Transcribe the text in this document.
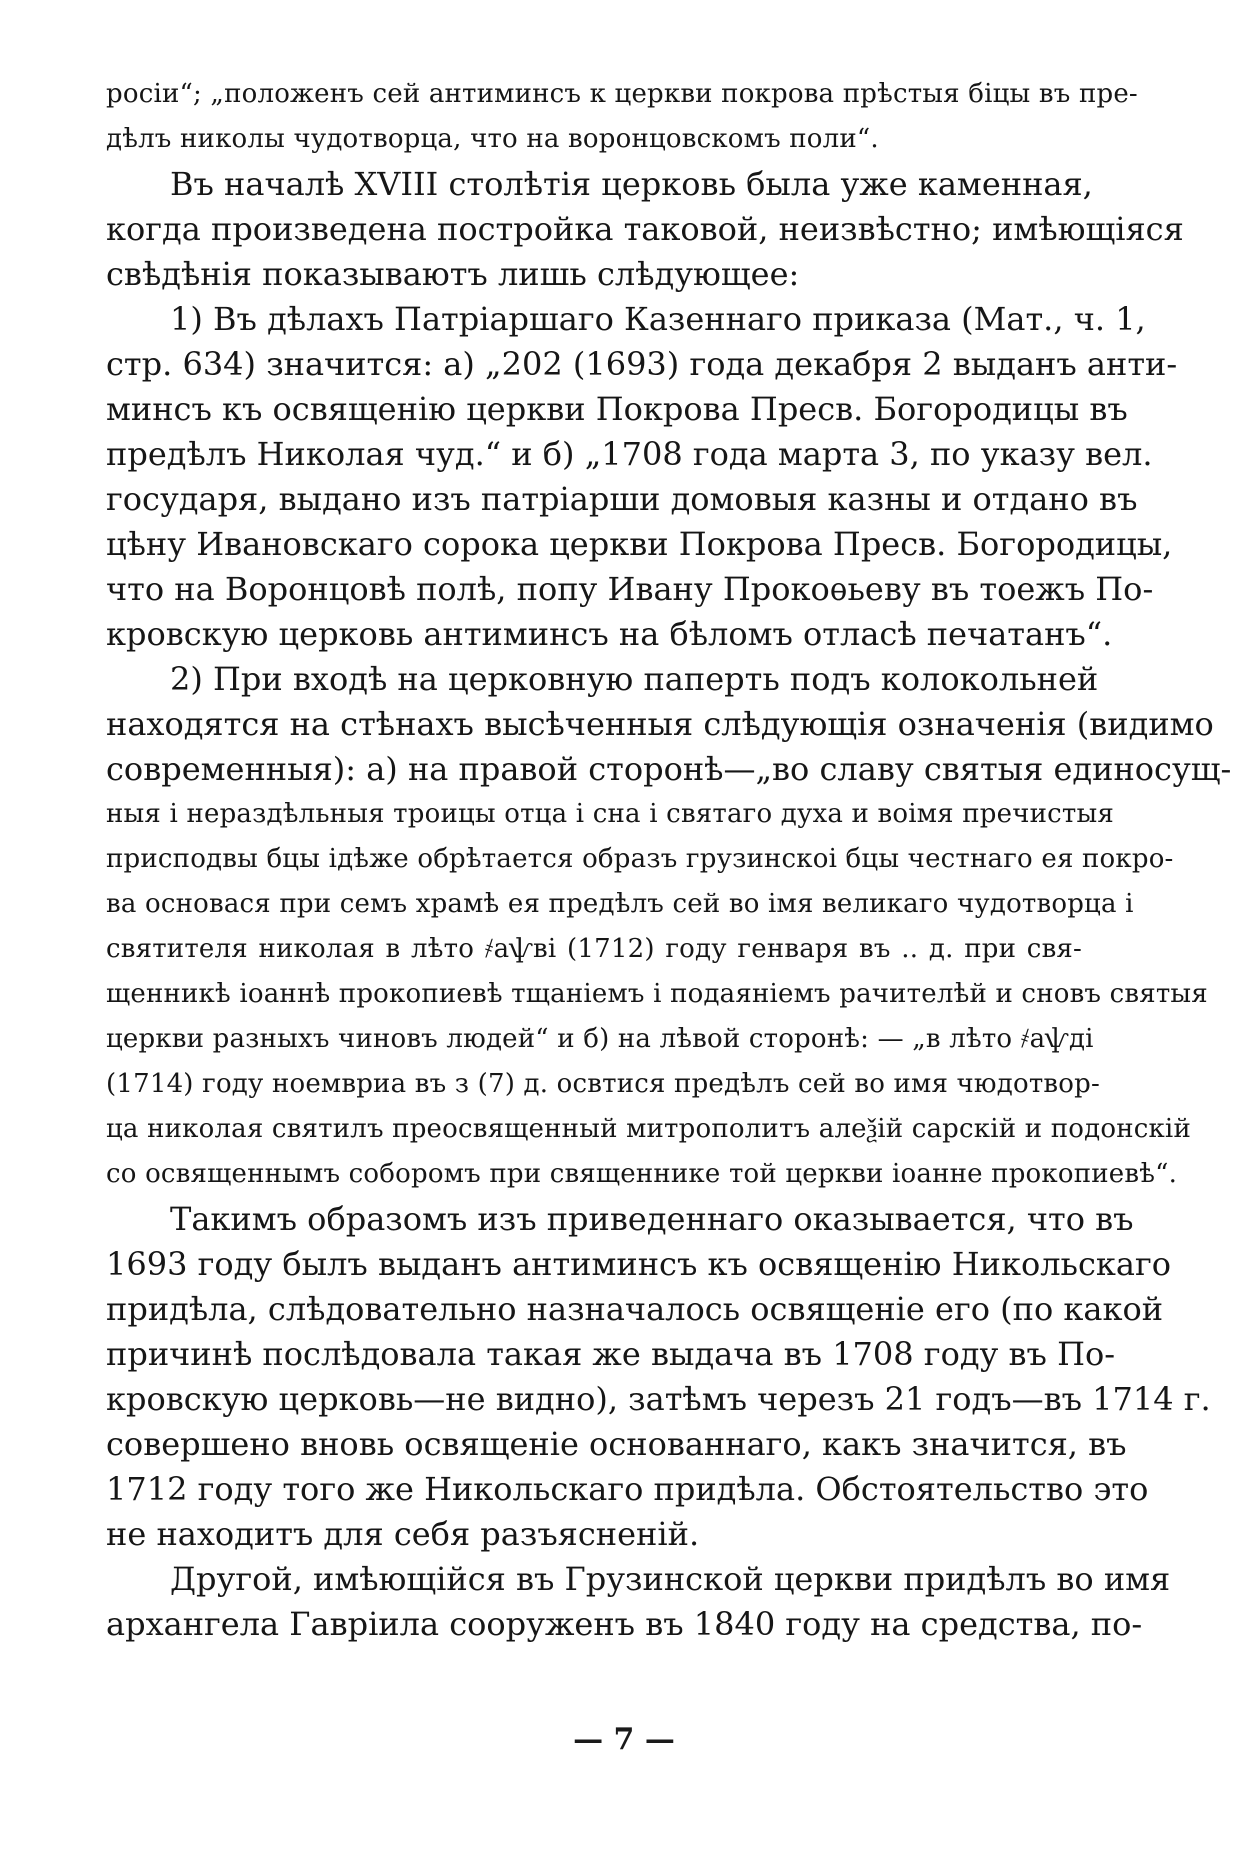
росіи“; „положенъ сей антиминсъ к церкви покрова прѣстыя біцы въ пре-
дѣлъ николы чудотворца, что на воронцовскомъ поли“.
Въ началѣ XVIII столѣтія церковь была уже каменная,
когда произведена постройка таковой, неизвѣстно; имѣющіяся
свѣдѣнія показываютъ лишь слѣдующее:
1) Въ дѣлахъ Патріаршаго Казеннаго приказа (Мат., ч. 1,
стр. 634) значится: а) „202 (1693) года декабря 2 выданъ анти-
минсъ къ освященію церкви Покрова Пресв. Богородицы въ
предѣлъ Николая чуд.“ и б) „1708 года марта 3, по указу вел.
государя, выдано изъ патріарши домовыя казны и отдано въ
цѣну Ивановскаго сорока церкви Покрова Пресв. Богородицы,
что на Воронцовѣ полѣ, попу Ивану Прокоѳьеву въ тоежъ По-
кровскую церковь антиминсъ на бѣломъ отласѣ печатанъ“.
2) При входѣ на церковную паперть подъ колокольней
находятся на стѣнахъ высѣченныя слѣдующія означенія (видимо
современныя): а) на правой сторонѣ—„во славу святыя единосущ-
ныя і нераздѣльныя троицы отца і сна і святаго духа и воімя пречистыя
присподвы бцы ідѣже обрѣтается образъ грузинскоі бцы честнаго ея покро-
ва основася при семъ храмѣ ея предѣлъ сей во імя великаго чудотворца і
святителя николая в лѣто ҂аѱві (1712) году генваря въ .. д. при свя-
щенникѣ іоаннѣ прокопиевѣ тщаніемъ і подаяніемъ рачителѣй и сновъ святыя
церкви разныхъ чиновъ людей“ и б) на лѣвой сторонѣ: — „в лѣто ҂аѱді
(1714) году ноемвриа въ з (7) д. освтися предѣлъ сей во имя чюдотвор-
ца николая святилъ преосвященный митрополитъ алеѯій сарскій и подонскій
со освященнымъ соборомъ при священнике той церкви іоанне прокопиевѣ“.
Такимъ образомъ изъ приведеннаго оказывается, что въ
1693 году былъ выданъ антиминсъ къ освященію Никольскаго
придѣла, слѣдовательно назначалось освященіе его (по какой
причинѣ послѣдовала такая же выдача въ 1708 году въ По-
кровскую церковь—не видно), затѣмъ черезъ 21 годъ—въ 1714 г.
совершено вновь освященіе основаннаго, какъ значится, въ
1712 году того же Никольскаго придѣла. Обстоятельство это
не находитъ для себя разъясненій.
Другой, имѣющійся въ Грузинской церкви придѣлъ во имя
архангела Гавріила сооруженъ въ 1840 году на средства, по-
— 7 —
